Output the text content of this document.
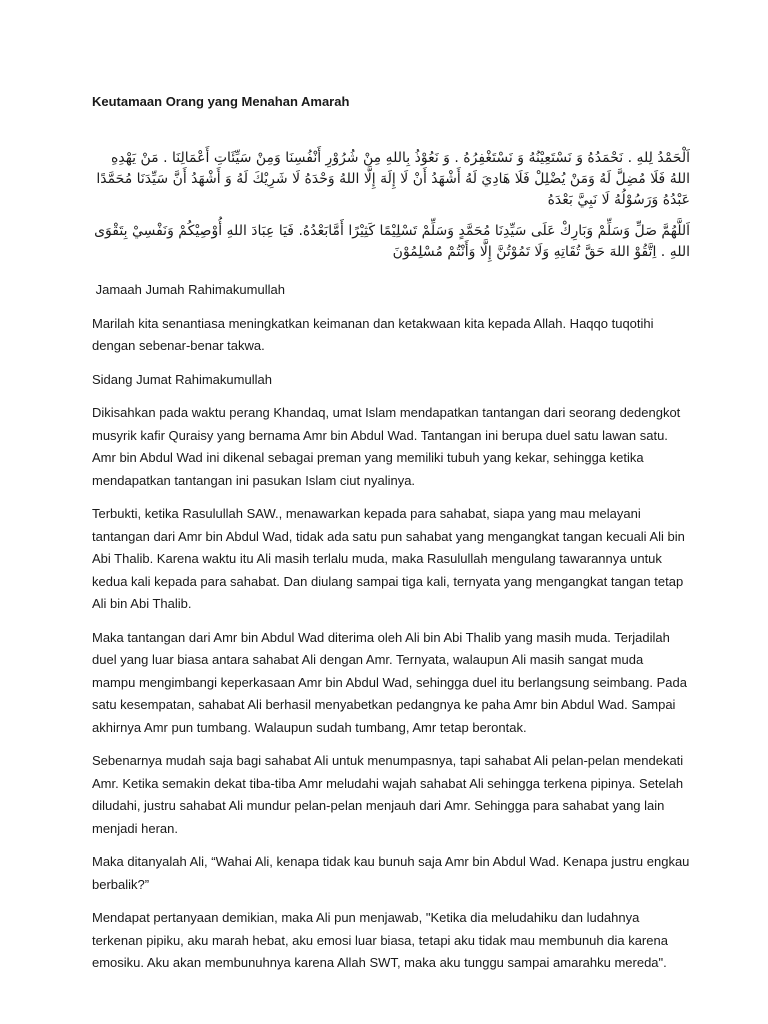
Keutamaan Orang yang Menahan Amarah
اَلْحَمْدُ لِلهِ . نَحْمَدُهُ وَ نَسْتَعِيْنُهُ وَ نَسْتَغْفِرُهُ . وَ نَعُوْذُ بِاللهِ مِنْ شُرُوْرِ أَنْفُسِنَا وَمِنْ سَيِّئَاتِ أَعْمَالِنَا . مَنْ يَهْدِهِ اللهُ فَلَا مُضِلَّ لَهُ وَمَنْ يُضْلِلْ فَلَا هَادِيَ لَهُ أَشْهَدُ أَنْ لَا إِلَهَ إِلَّا اللهُ وَحْدَهُ لَا شَرِيْكَ لَهُ وَ أَشْهَدُ أَنَّ سَيِّدَنَا مُحَمَّدًا عَبْدُهُ وَرَسُوْلُهُ لَا نَبِيَّ بَعْدَهُ
اَللَّهُمَّ صَلِّ وَسَلِّمْ وَبَارِكْ عَلَى سَيِّدِنَا مُحَمَّدٍ وَسَلِّمْ تَسْلِيْمًا كَثِيْرًا أَمَّابَعْدُهُ. فَيَا عِبَادَ اللهِ أُوْصِيْكُمْ وَنَفْسِيْ بِتَقْوَى اللهِ . اِتَّقُوْ اللهَ حَقَّ تُقَاتِهِ وَلَا تَمُوْتُنَّ إِلَّا وَأَنْتُمْ مُسْلِمُوْنَ
Jamaah Jumah Rahimakumullah
Marilah kita senantiasa meningkatkan keimanan dan ketakwaan kita kepada Allah. Haqqo tuqotihi dengan sebenar-benar takwa.
Sidang Jumat Rahimakumullah
Dikisahkan pada waktu perang Khandaq, umat Islam mendapatkan tantangan dari seorang dedengkot musyrik kafir Quraisy yang bernama Amr bin Abdul Wad. Tantangan ini berupa duel satu lawan satu. Amr bin Abdul Wad ini dikenal sebagai preman yang memiliki tubuh yang kekar, sehingga ketika mendapatkan tantangan ini pasukan Islam ciut nyalinya.
Terbukti, ketika Rasulullah SAW., menawarkan kepada para sahabat, siapa yang mau melayani tantangan dari Amr bin Abdul Wad, tidak ada satu pun sahabat yang mengangkat tangan kecuali Ali bin Abi Thalib. Karena waktu itu Ali masih terlalu muda, maka Rasulullah mengulang tawarannya untuk kedua kali kepada para sahabat. Dan diulang sampai tiga kali, ternyata yang mengangkat tangan tetap Ali bin Abi Thalib.
Maka tantangan dari Amr bin Abdul Wad diterima oleh Ali bin Abi Thalib yang masih muda. Terjadilah duel yang luar biasa antara sahabat Ali dengan Amr. Ternyata, walaupun Ali masih sangat muda mampu mengimbangi keperkasaan Amr bin Abdul Wad, sehingga duel itu berlangsung seimbang. Pada satu kesempatan, sahabat Ali berhasil menyabetkan pedangnya ke paha Amr bin Abdul Wad. Sampai akhirnya Amr pun tumbang. Walaupun sudah tumbang, Amr tetap berontak.
Sebenarnya mudah saja bagi sahabat Ali untuk menumpasnya, tapi sahabat Ali pelan-pelan mendekati Amr. Ketika semakin dekat tiba-tiba Amr meludahi wajah sahabat Ali sehingga terkena pipinya. Setelah diludahi, justru sahabat Ali mundur pelan-pelan menjauh dari Amr. Sehingga para sahabat yang lain menjadi heran.
Maka ditanyalah Ali, “Wahai Ali, kenapa tidak kau bunuh saja Amr bin Abdul Wad. Kenapa justru engkau berbalik?”
Mendapat pertanyaan demikian, maka Ali pun menjawab, "Ketika dia meludahiku dan ludahnya terkenan pipiku, aku marah hebat, aku emosi luar biasa, tetapi aku tidak mau membunuh dia karena emosiku. Aku akan membunuhnya karena Allah SWT, maka aku tunggu sampai amarahku mereda".
